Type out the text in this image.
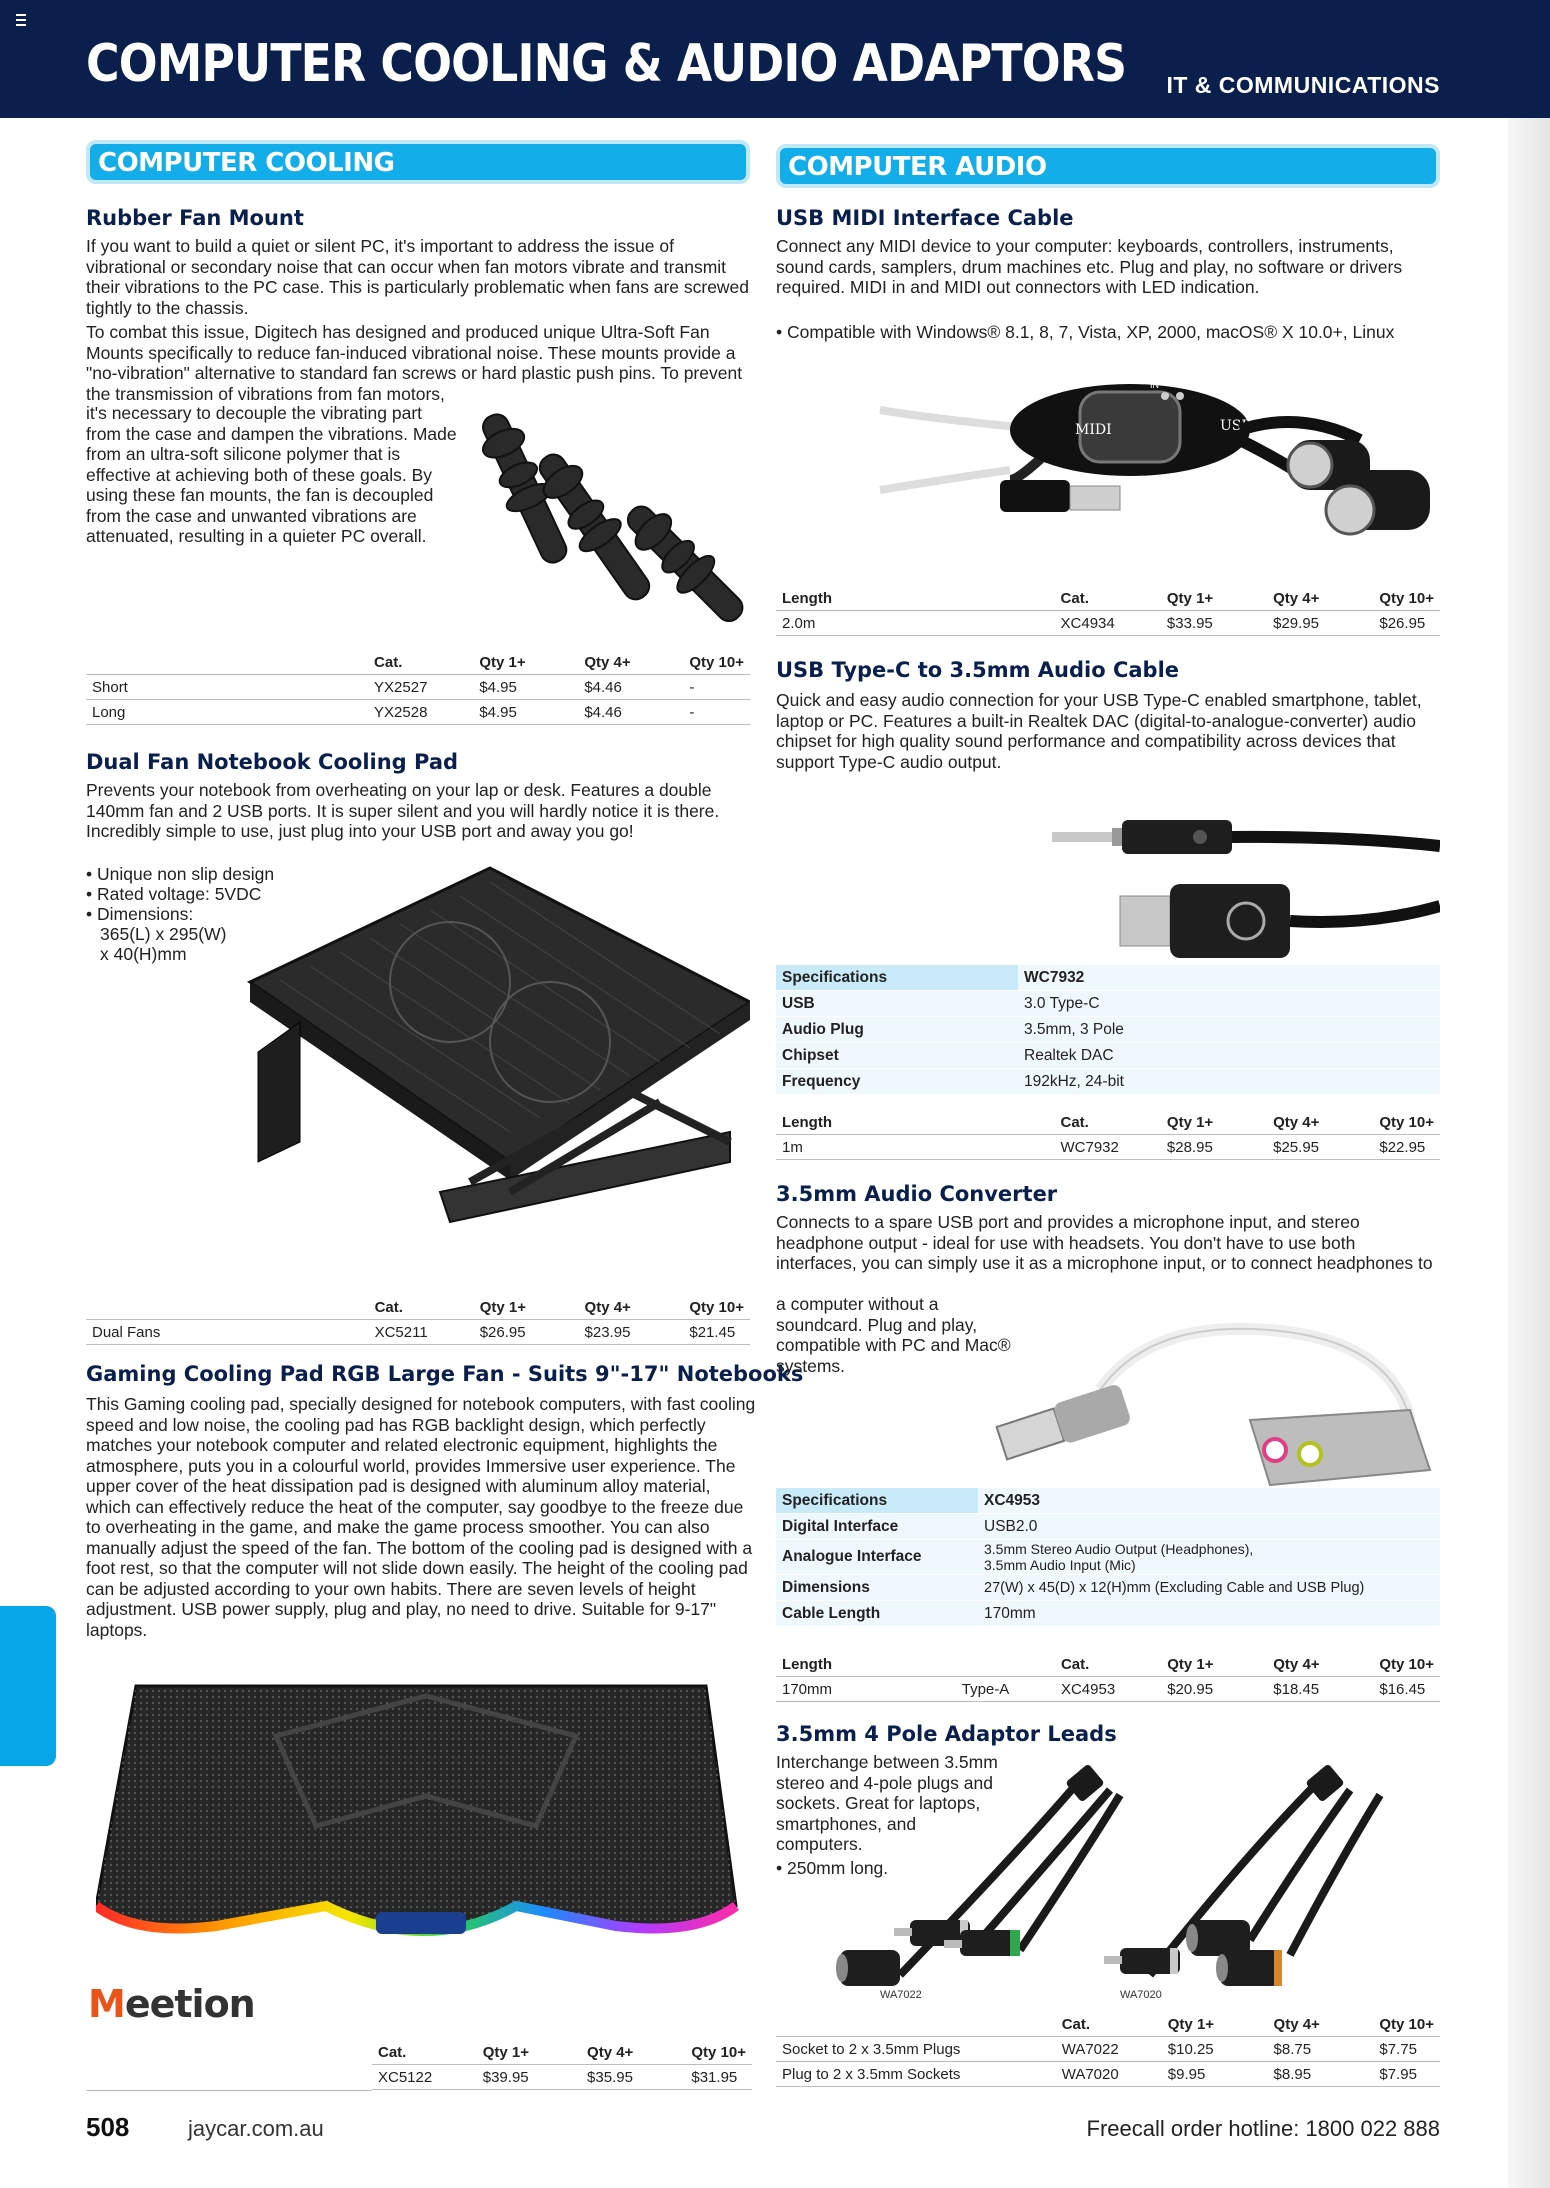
COMPUTER COOLING & AUDIO ADAPTORS IT & COMMUNICATIONS
COMPUTER COOLING
Rubber Fan Mount
If you want to build a quiet or silent PC, it's important to address the issue of vibrational or secondary noise that can occur when fan motors vibrate and transmit their vibrations to the PC case. This is particularly problematic when fans are screwed tightly to the chassis.
To combat this issue, Digitech has designed and produced unique Ultra-Soft Fan Mounts specifically to reduce fan-induced vibrational noise. These mounts provide a "no-vibration" alternative to standard fan screws or hard plastic push pins. To prevent the transmission of vibrations from fan motors,
it's necessary to decouple the vibrating part from the case and dampen the vibrations. Made from an ultra-soft silicone polymer that is effective at achieving both of these goals. By using these fan mounts, the fan is decoupled from the case and unwanted vibrations are attenuated, resulting in a quieter PC overall.
	Cat.	Qty 1+	Qty 4+	Qty 10+
Short	YX2527	$4.95	$4.46	-
Long	YX2528	$4.95	$4.46	-
Dual Fan Notebook Cooling Pad
Prevents your notebook from overheating on your lap or desk. Features a double 140mm fan and 2 USB ports. It is super silent and you will hardly notice it is there. Incredibly simple to use, just plug into your USB port and away you go!
• Unique non slip design
• Rated voltage: 5VDC
• Dimensions:
365(L) x 295(W)
x 40(H)mm
	Cat.	Qty 1+	Qty 4+	Qty 10+
Dual Fans	XC5211	$26.95	$23.95	$21.45
Gaming Cooling Pad RGB Large Fan - Suits 9"-17" Notebooks
This Gaming cooling pad, specially designed for notebook computers, with fast cooling speed and low noise, the cooling pad has RGB backlight design, which perfectly matches your notebook computer and related electronic equipment, highlights the atmosphere, puts you in a colourful world, provides Immersive user experience. The upper cover of the heat dissipation pad is designed with aluminum alloy material, which can effectively reduce the heat of the computer, say goodbye to the freeze due to overheating in the game, and make the game process smoother. You can also manually adjust the speed of the fan. The bottom of the cooling pad is designed with a foot rest, so that the computer will not slide down easily. The height of the cooling pad can be adjusted according to your own habits. There are seven levels of height adjustment. USB power supply, plug and play, no need to drive. Suitable for 9-17" laptops.
Meetion
Cat.	Qty 1+	Qty 4+	Qty 10+
XC5122	$39.95	$35.95	$31.95
COMPUTER AUDIO
USB MIDI Interface Cable
Connect any MIDI device to your computer: keyboards, controllers, instruments, sound cards, samplers, drum machines etc. Plug and play, no software or drivers required. MIDI in and MIDI out connectors with LED indication.
• Compatible with Windows® 8.1, 8, 7, Vista, XP, 2000, macOS® X 10.0+, Linux
MIDI	USB
IN	OUT
Length	Cat.	Qty 1+	Qty 4+	Qty 10+
2.0m	XC4934	$33.95	$29.95	$26.95
USB Type-C to 3.5mm Audio Cable
Quick and easy audio connection for your USB Type-C enabled smartphone, tablet, laptop or PC. Features a built-in Realtek DAC (digital-to-analogue-converter) audio chipset for high quality sound performance and compatibility across devices that support Type-C audio output.
Specifications	WC7932
USB	3.0 Type-C
Audio Plug	3.5mm, 3 Pole
Chipset	Realtek DAC
Frequency	192kHz, 24-bit
Length	Cat.	Qty 1+	Qty 4+	Qty 10+
1m	WC7932	$28.95	$25.95	$22.95
3.5mm Audio Converter
Connects to a spare USB port and provides a microphone input, and stereo headphone output - ideal for use with headsets. You don't have to use both interfaces, you can simply use it as a microphone input, or to connect headphones to
a computer without a soundcard. Plug and play, compatible with PC and Mac® systems.
Specifications	XC4953
Digital Interface	USB2.0
Analogue Interface	3.5mm Stereo Audio Output (Headphones),
3.5mm Audio Input (Mic)
Dimensions	27(W) x 45(D) x 12(H)mm (Excluding Cable and USB Plug)
Cable Length	170mm
Length		Cat.	Qty 1+	Qty 4+	Qty 10+
170mm	Type-A	XC4953	$20.95	$18.45	$16.45
3.5mm 4 Pole Adaptor Leads
Interchange between 3.5mm stereo and 4-pole plugs and sockets. Great for laptops, smartphones, and computers.
• 250mm long.
WA7022	WA7020
	Cat.	Qty 1+	Qty 4+	Qty 10+
Socket to 2 x 3.5mm Plugs	WA7022	$10.25	$8.75	$7.75
Plug to 2 x 3.5mm Sockets	WA7020	$9.95	$8.95	$7.95
508	jaycar.com.au	Freecall order hotline: 1800 022 888
